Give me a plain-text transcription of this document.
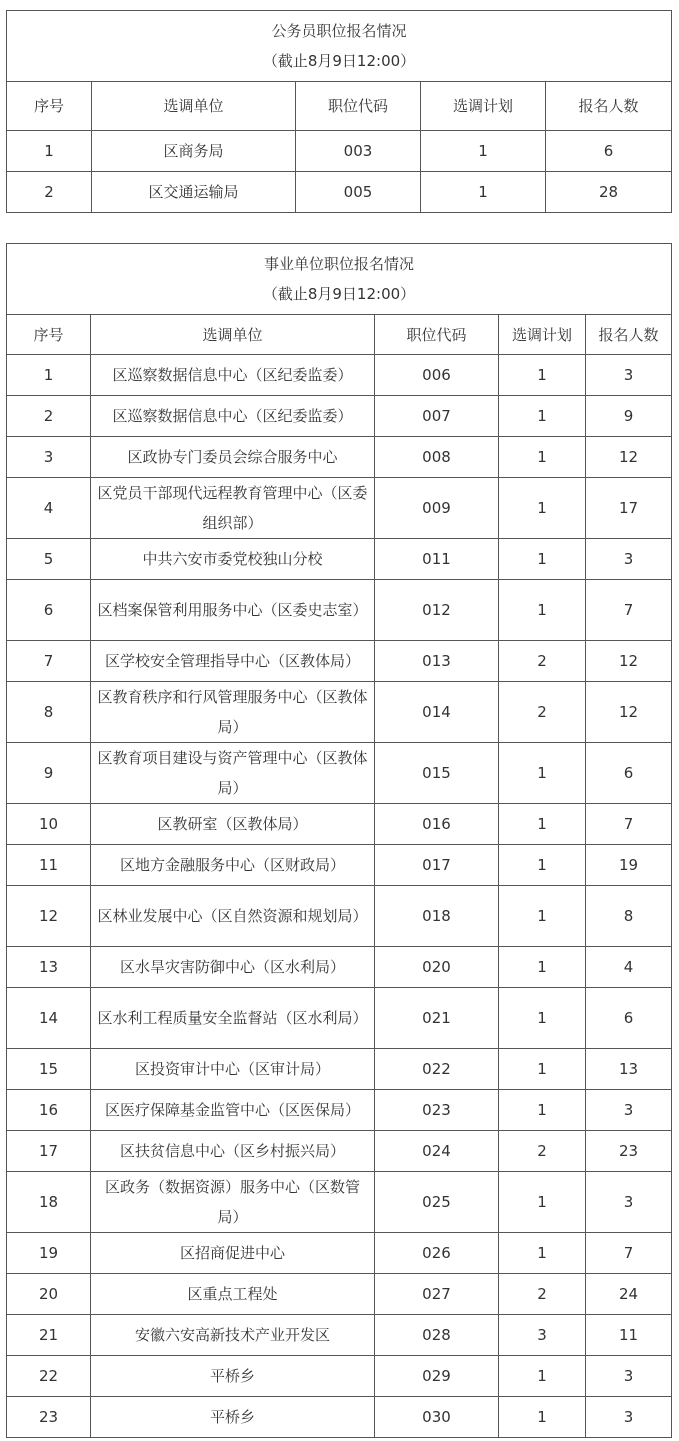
公务员职位报名情况
（截止8月9日12:00）				

序号	选调单位	职位代码	选调计划	报名人数
1	区商务局	003	1	6
2	区交通运输局	005	1	28
事业单位职位报名情况
（截止8月9日12:00）				

序号	选调单位	职位代码	选调计划	报名人数
1	区巡察数据信息中心（区纪委监委）	006	1	3
2	区巡察数据信息中心（区纪委监委）	007	1	9
3	区政协专门委员会综合服务中心	008	1	12
4	区党员干部现代远程教育管理中心（区委组织部）	009	1	17
5	中共六安市委党校独山分校	011	1	3
6	区档案保管利用服务中心（区委史志室）	012	1	7
7	区学校安全管理指导中心（区教体局）	013	2	12
8	区教育秩序和行风管理服务中心（区教体局）	014	2	12
9	区教育项目建设与资产管理中心（区教体局）	015	1	6
10	区教研室（区教体局）	016	1	7
11	区地方金融服务中心（区财政局）	017	1	19
12	区林业发展中心（区自然资源和规划局）	018	1	8
13	区水旱灾害防御中心（区水利局）	020	1	4
14	区水利工程质量安全监督站（区水利局）	021	1	6
15	区投资审计中心（区审计局）	022	1	13
16	区医疗保障基金监管中心（区医保局）	023	1	3
17	区扶贫信息中心（区乡村振兴局）	024	2	23
18	区政务（数据资源）服务中心（区数管局）	025	1	3
19	区招商促进中心	026	1	7
20	区重点工程处	027	2	24
21	安徽六安高新技术产业开发区	028	3	11
22	平桥乡	029	1	3
23	平桥乡	030	1	3
